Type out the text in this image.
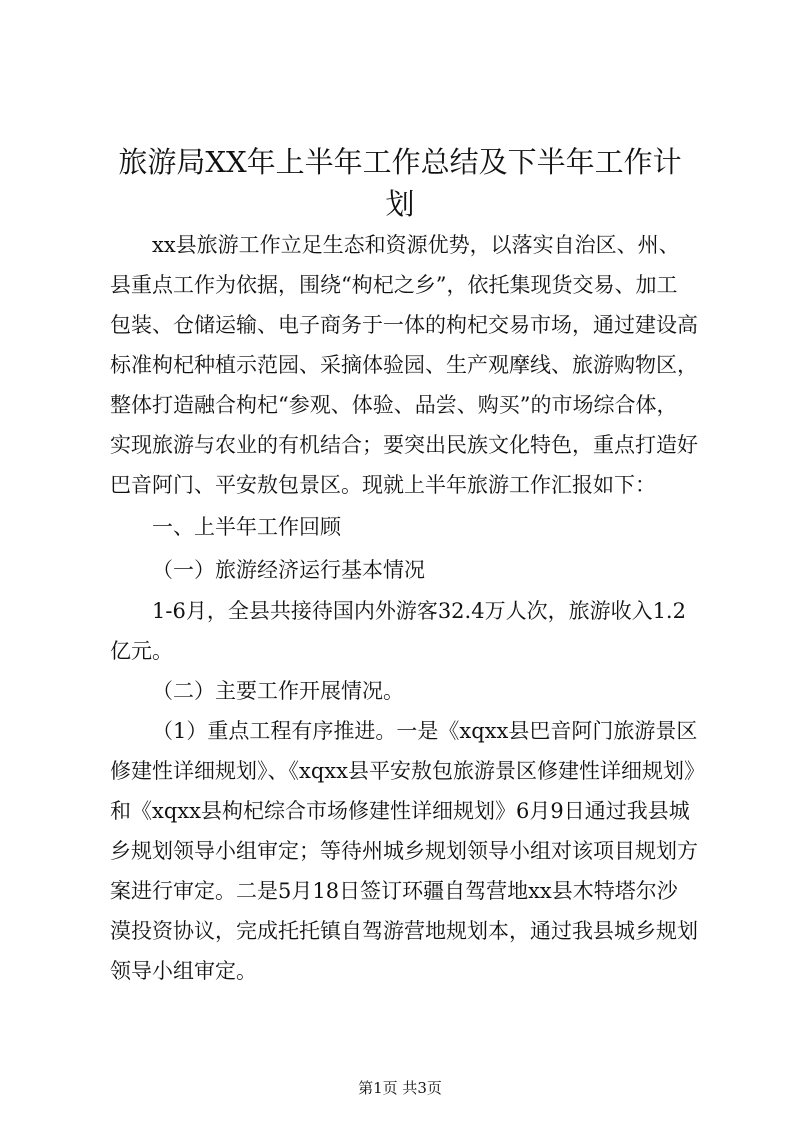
旅游局XX年上半年工作总结及下半年工作计
划

xx县旅游工作立足生态和资源优势，以落实自治区、州、

县重点工作为依据，围绕“枸杞之乡”，依托集现货交易、加工

包装、仓储运输、电子商务于一体的枸杞交易市场，通过建设高

标准枸杞种植示范园、采摘体验园、生产观摩线、旅游购物区，

整体打造融合枸杞“参观、体验、品尝、购买”的市场综合体，

实现旅游与农业的有机结合；要突出民族文化特色，重点打造好

巴音阿门、平安敖包景区。现就上半年旅游工作汇报如下：

一、上半年工作回顾

（一）旅游经济运行基本情况

1-6月，全县共接待国内外游客32.4万人次，旅游收入1.2

亿元。

（二）主要工作开展情况。

（1）重点工程有序推进。一是《xqxx县巴音阿门旅游景区

修建性详细规划》、《xqxx县平安敖包旅游景区修建性详细规划》

和《xqxx县枸杞综合市场修建性详细规划》6月9日通过我县城

乡规划领导小组审定；等待州城乡规划领导小组对该项目规划方

案进行审定。二是5月18日签订环疆自驾营地xx县木特塔尔沙

漠投资协议，完成托托镇自驾游营地规划本，通过我县城乡规划

领导小组审定。

第1页 共3页
